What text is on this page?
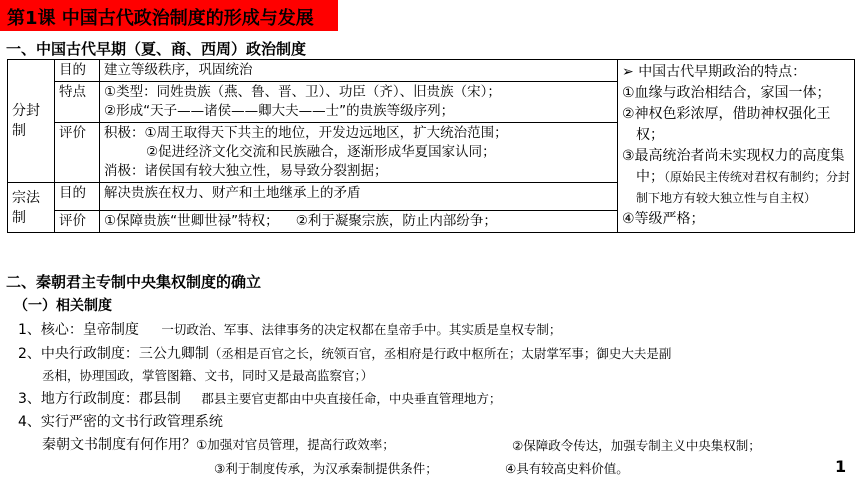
第1课 中国古代政治制度的形成与发展
一、中国古代早期（夏、商、西周）政治制度
分封制	目的	建立等级秩序，巩固统治	➢ 中国古代早期政治的特点：
①血缘与政治相结合，家国一体；
②神权色彩浓厚，借助神权强化王权；
③最高统治者尚未实现权力的高度集中；（原始民主传统对君权有制约；分封制下地方有较大独立性与自主权）
④等级严格；

	特点	①类型：同姓贵族（燕、鲁、晋、卫）、功臣（齐）、旧贵族（宋）；
②形成“天子——诸侯——卿大夫——士”的贵族等级序列；	

	评价	积极：①周王取得天下共主的地位，开发边远地区，扩大统治范围；
②促进经济文化交流和民族融合，逐渐形成华夏国家认同；
消极：诸侯国有较大独立性，易导致分裂割据；	

宗法制	目的	解决贵族在权力、财产和土地继承上的矛盾	

	评价	①保障贵族“世卿世禄”特权；    ②利于凝聚宗族，防止内部纷争；	
二、秦朝君主专制中央集权制度的确立
（一）相关制度
1、核心：皇帝制度 一切政治、军事、法律事务的决定权都在皇帝手中。其实质是皇权专制；
2、中央行政制度：三公九卿制（丞相是百官之长，统领百官，丞相府是行政中枢所在；太尉掌军事；御史大夫是副
丞相，协理国政，掌管图籍、文书，同时又是最高监察官；）
3、地方行政制度：郡县制 郡县主要官吏都由中央直接任命，中央垂直管理地方；
4、实行严密的文书行政管理系统
秦朝文书制度有何作用？①加强对官员管理，提高行政效率；	②保障政令传达，加强专制主义中央集权制；
③利于制度传承，为汉承秦制提供条件；	④具有较高史料价值。	1
